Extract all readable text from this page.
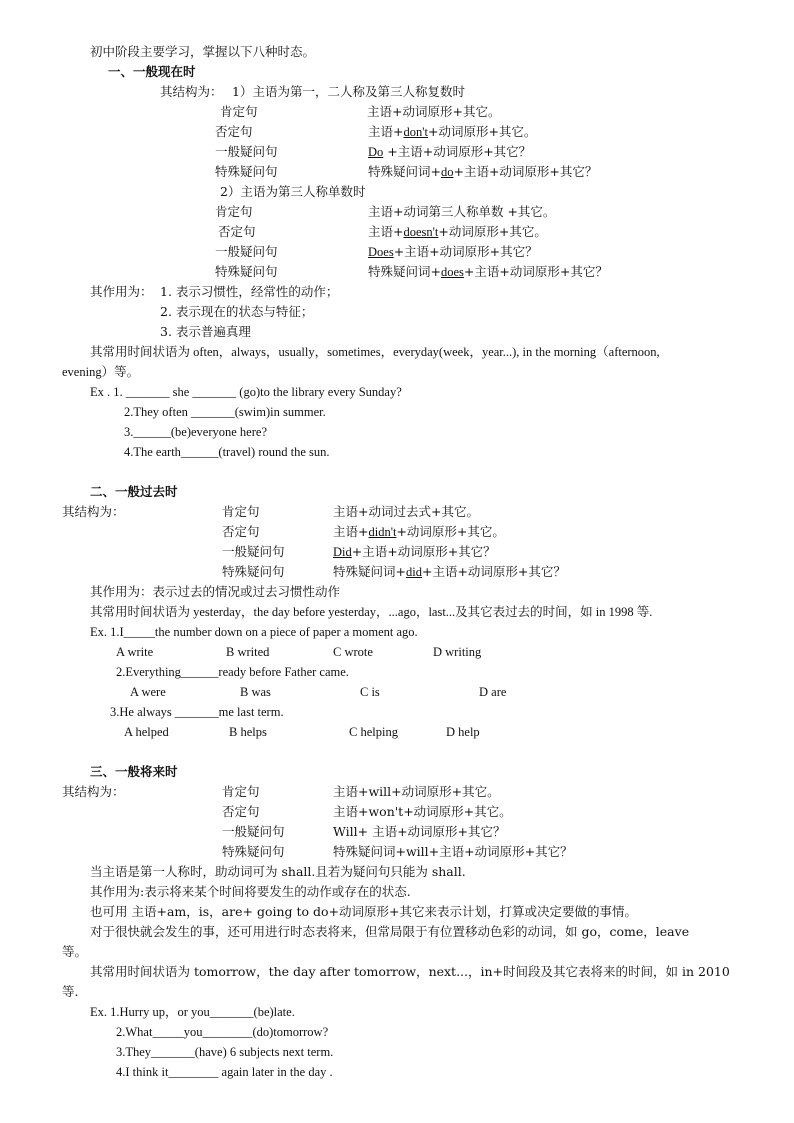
初中阶段主要学习，掌握以下八种时态。
一、一般现在时
其结构为： 1）主语为第一，二人称及第三人称复数时
肯定句	主语+动词原形+其它。
否定句	主语+don't+动词原形+其它。
一般疑问句	Do +主语+动词原形+其它？
特殊疑问句	特殊疑问词+do+主语+动词原形+其它？
2）主语为第三人称单数时
肯定句	主语+动词第三人称单数 +其它。
否定句	主语+doesn't+动词原形+其它。
一般疑问句	Does+主语+动词原形+其它？
特殊疑问句	特殊疑问词+does+主语+动词原形+其它？
其作用为： 1. 表示习惯性，经常性的动作；
2. 表示现在的状态与特征；
3. 表示普遍真理
其常用时间状语为 often，always，usually，sometimes，everyday(week，year...), in the morning（afternoon,
evening）等。
Ex . 1. _______ she _______ (go)to the library every Sunday?
2.They often _______(swim)in summer.
3.______(be)everyone here?
4.The earth______(travel) round the sun.
二、一般过去时
其结构为：	肯定句	主语+动词过去式+其它。
否定句	主语+didn't+动词原形+其它。
一般疑问句	Did+主语+动词原形+其它？
特殊疑问句	特殊疑问词+did+主语+动词原形+其它？
其作用为：表示过去的情况或过去习惯性动作
其常用时间状语为 yesterday，the day before yesterday，...ago，last...及其它表过去的时间，如 in 1998 等.
Ex. 1.I_____the number down on a piece of paper a moment ago.
A write	B writed	C wrote	D writing
2.Everything______ready before Father came.
A were	B was	C is	D are
3.He always _______me last term.
A helped	B helps	C helping	D help
三、一般将来时
其结构为：	肯定句	主语+will+动词原形+其它。
否定句	主语+won't+动词原形+其它。
一般疑问句	Will+ 主语+动词原形+其它？
特殊疑问句	特殊疑问词+will+主语+动词原形+其它？
当主语是第一人称时，助动词可为 shall.且若为疑问句只能为 shall.
其作用为:表示将来某个时间将要发生的动作或存在的状态.
也可用 主语+am，is，are+ going to do+动词原形+其它来表示计划，打算或决定要做的事情。
对于很快就会发生的事，还可用进行时态表将来，但常局限于有位置移动色彩的动词，如 go，come，leave
等。
其常用时间状语为 tomorrow，the day after tomorrow，next...，in+时间段及其它表将来的时间，如 in 2010
等.
Ex. 1.Hurry up，or you_______(be)late.
2.What_____you________(do)tomorrow?
3.They_______(have) 6 subjects next term.
4.I think it________ again later in the day .
